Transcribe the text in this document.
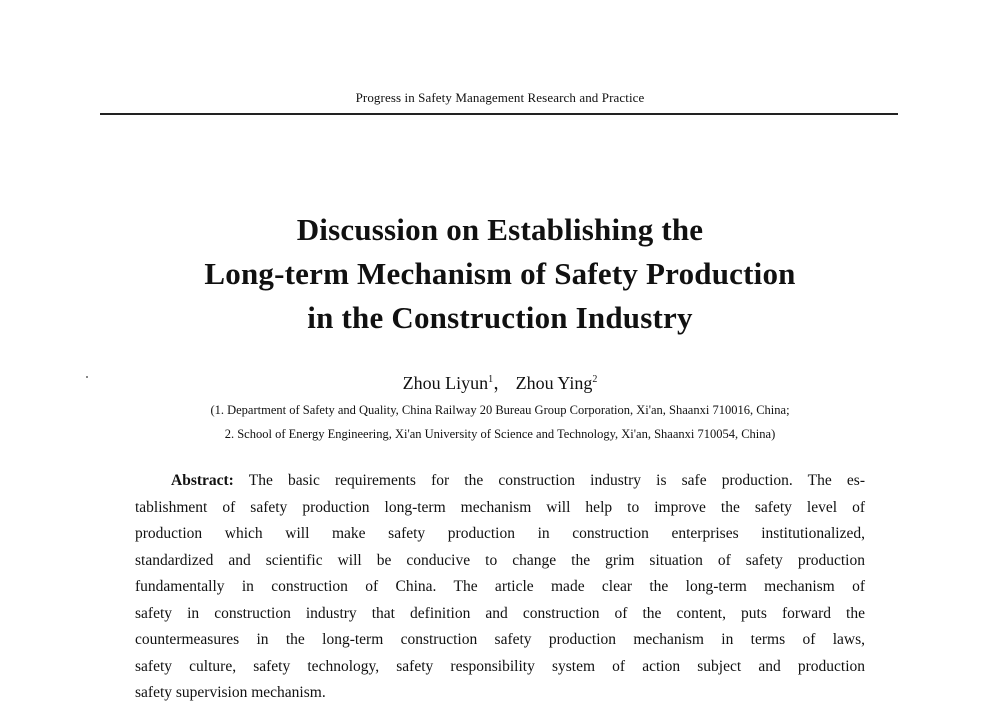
Progress in Safety Management Research and Practice
Discussion on Establishing the
Long-term Mechanism of Safety Production
in the Construction Industry
Zhou Liyun$^1$， Zhou Ying$^2$
(1. Department of Safety and Quality, China Railway 20 Bureau Group Corporation, Xi'an, Shaanxi 710016, China;
2. School of Energy Engineering, Xi'an University of Science and Technology, Xi'an, Shaanxi 710054, China)
Abstract: The basic requirements for the construction industry is safe production. The es-
tablishment of safety production long-term mechanism will help to improve the safety level of
production which will make safety production in construction enterprises institutionalized,
standardized and scientific will be conducive to change the grim situation of safety production
fundamentally in construction of China. The article made clear the long-term mechanism of
safety in construction industry that definition and construction of the content, puts forward the
countermeasures in the long-term construction safety production mechanism in terms of laws,
safety culture, safety technology, safety responsibility system of action subject and production
safety supervision mechanism.
